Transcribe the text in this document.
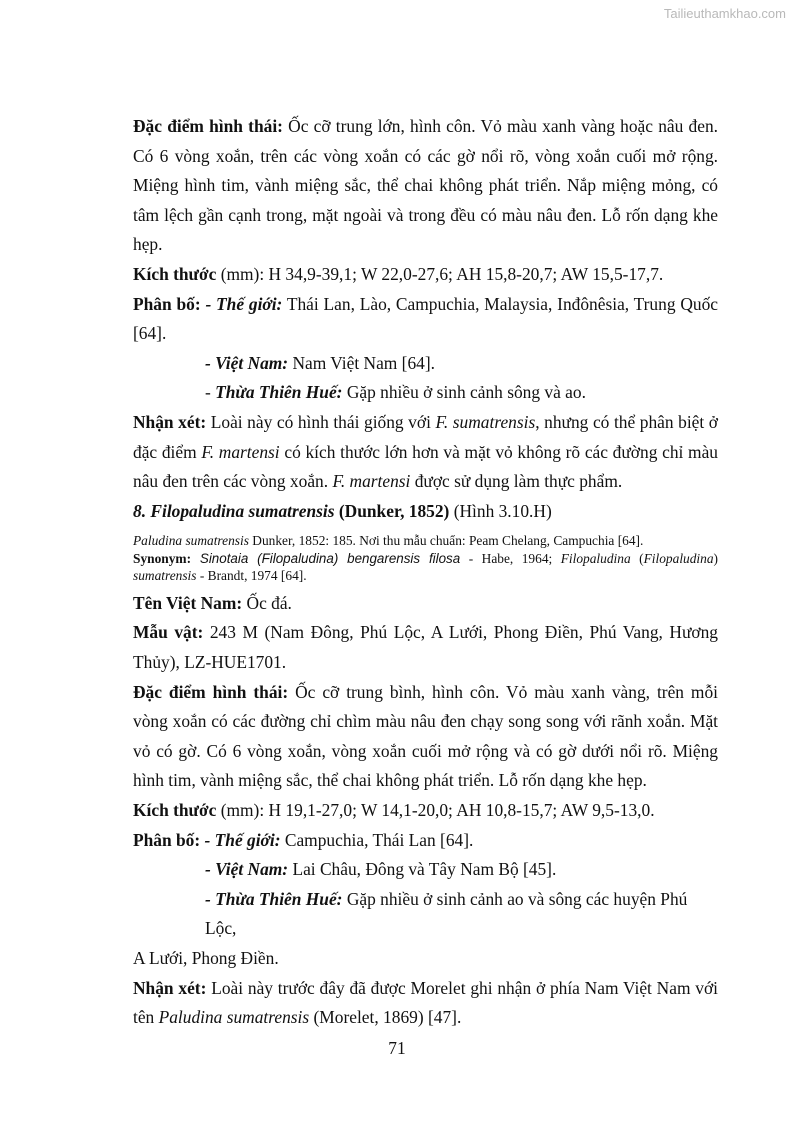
Tailieuthamkhao.com

Đặc điểm hình thái: Ốc cỡ trung lớn, hình côn. Vỏ màu xanh vàng hoặc nâu đen. Có 6 vòng xoắn, trên các vòng xoắn có các gờ nổi rõ, vòng xoắn cuối mở rộng. Miệng hình tim, vành miệng sắc, thể chai không phát triển. Nắp miệng mỏng, có tâm lệch gần cạnh trong, mặt ngoài và trong đều có màu nâu đen. Lỗ rốn dạng khe hẹp.

Kích thước (mm): H 34,9-39,1; W 22,0-27,6; AH 15,8-20,7; AW 15,5-17,7.

Phân bố: - Thế giới: Thái Lan, Lào, Campuchia, Malaysia, Inđônêsia, Trung Quốc [64].

- Việt Nam: Nam Việt Nam [64].

- Thừa Thiên Huế: Gặp nhiều ở sinh cảnh sông và ao.

Nhận xét: Loài này có hình thái giống với F. sumatrensis, nhưng có thể phân biệt ở đặc điểm F. martensi có kích thước lớn hơn và mặt vỏ không rõ các đường chỉ màu nâu đen trên các vòng xoắn. F. martensi được sử dụng làm thực phẩm.

8. Filopaludina sumatrensis (Dunker, 1852) (Hình 3.10.H)

Paludina sumatrensis Dunker, 1852: 185. Nơi thu mẫu chuẩn: Peam Chelang, Campuchia [64].

Synonym: Sinotaia (Filopaludina) bengarensis filosa - Habe, 1964; Filopaludina (Filopaludina) sumatrensis - Brandt, 1974 [64].

Tên Việt Nam: Ốc đá.

Mẫu vật: 243 M (Nam Đông, Phú Lộc, A Lưới, Phong Điền, Phú Vang, Hương Thủy), LZ-HUE1701.

Đặc điểm hình thái: Ốc cỡ trung bình, hình côn. Vỏ màu xanh vàng, trên mỗi vòng xoắn có các đường chỉ chìm màu nâu đen chạy song song với rãnh xoắn. Mặt vỏ có gờ. Có 6 vòng xoắn, vòng xoắn cuối mở rộng và có gờ dưới nổi rõ. Miệng hình tim, vành miệng sắc, thể chai không phát triển. Lỗ rốn dạng khe hẹp.

Kích thước (mm): H 19,1-27,0; W 14,1-20,0; AH 10,8-15,7; AW 9,5-13,0.

Phân bố: - Thế giới: Campuchia, Thái Lan [64].

- Việt Nam: Lai Châu, Đông và Tây Nam Bộ [45].

- Thừa Thiên Huế: Gặp nhiều ở sinh cảnh ao và sông các huyện Phú Lộc,

A Lưới, Phong Điền.

Nhận xét: Loài này trước đây đã được Morelet ghi nhận ở phía Nam Việt Nam với tên Paludina sumatrensis (Morelet, 1869) [47].

71
